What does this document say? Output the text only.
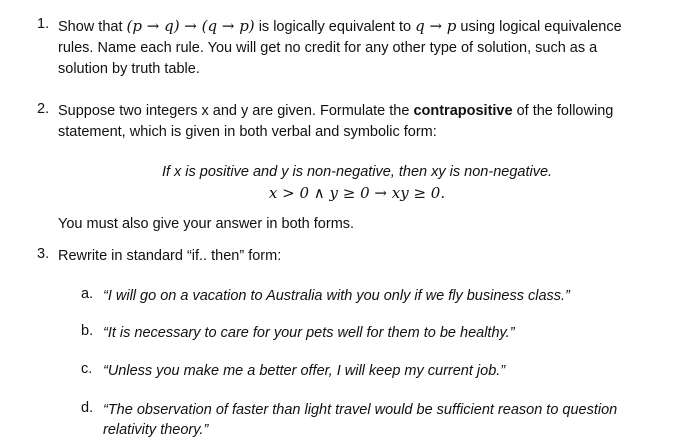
1. Show that (p → q) → (q → p) is logically equivalent to q → p using logical equivalence rules. Name each rule. You will get no credit for any other type of solution, such as a solution by truth table.
2. Suppose two integers x and y are given. Formulate the contrapositive of the following statement, which is given in both verbal and symbolic form:
If x is positive and y is non-negative, then xy is non-negative.
x > 0 ∧ y ≥ 0 → xy ≥ 0.
You must also give your answer in both forms.
3. Rewrite in standard “if.. then” form:
a. “I will go on a vacation to Australia with you only if we fly business class.”
b. “It is necessary to care for your pets well for them to be healthy.”
c. “Unless you make me a better offer, I will keep my current job.”
d. “The observation of faster than light travel would be sufficient reason to question relativity theory.”
